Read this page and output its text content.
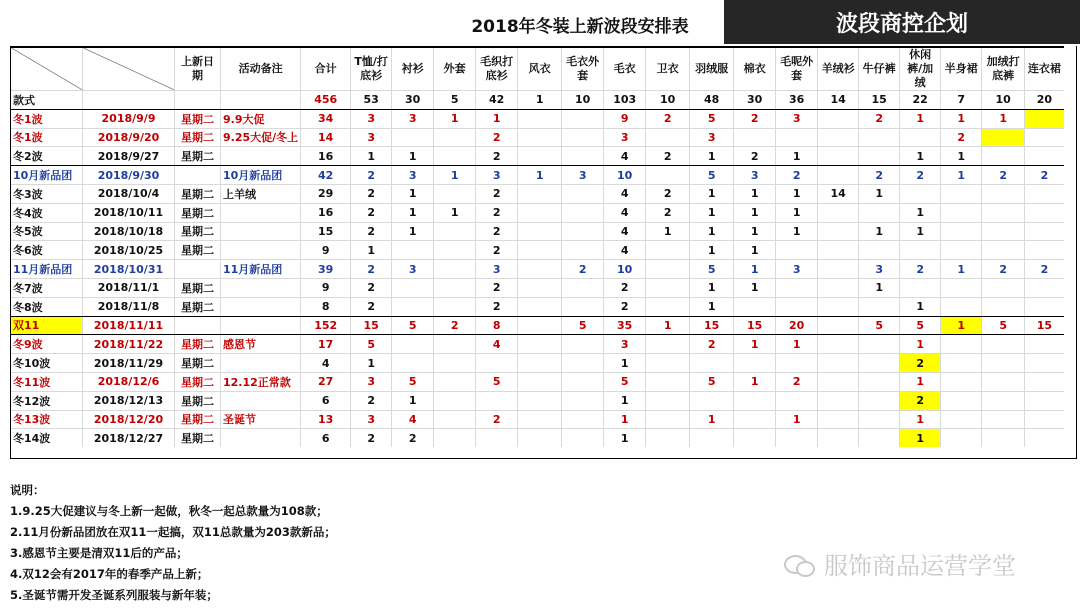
2018年冬装上新波段安排表	波段商控企划
		上新日期	活动备注	合计	T恤/打底衫	衬衫	外套	毛织打底衫	风衣	毛衣外套	毛衣	卫衣	羽绒服	棉衣	毛呢外套	羊绒衫	牛仔裤	休闲裤/加绒	半身裙	加绒打底裤	连衣裙
款式				456	53	30	5	42	1	10	103	10	48	30	36	14	15	22	7	10	20
冬1波	2018/9/9	星期二	9.9大促	34	3	3	1	1			9	2	5	2	3		2	1	1	1	
冬1波	2018/9/20	星期二	9.25大促/冬上	14	3			2			3		3						2		
冬2波	2018/9/27	星期二		16	1	1		2			4	2	1	2	1			1	1		
10月新品团	2018/9/30		10月新品团	42	2	3	1	3	1	3	10		5	3	2		2	2	1	2	2
冬3波	2018/10/4	星期二	上羊绒	29	2	1		2			4	2	1	1	1	14	1				
冬4波	2018/10/11	星期二		16	2	1	1	2			4	2	1	1	1			1			
冬5波	2018/10/18	星期二		15	2	1		2			4	1	1	1	1		1	1			
冬6波	2018/10/25	星期二		9	1			2			4		1	1							
11月新品团	2018/10/31		11月新品团	39	2	3		3		2	10		5	1	3		3	2	1	2	2
冬7波	2018/11/1	星期二		9	2			2			2		1	1			1				
冬8波	2018/11/8	星期二		8	2			2			2		1					1			
双11	2018/11/11			152	15	5	2	8		5	35	1	15	15	20		5	5	1	5	15
冬9波	2018/11/22	星期二	感恩节	17	5			4			3		2	1	1			1			
冬10波	2018/11/29	星期二		4	1						1							2			
冬11波	2018/12/6	星期二	12.12正常款	27	3	5		5			5		5	1	2			1			
冬12波	2018/12/13	星期二		6	2	1					1							2			
冬13波	2018/12/20	星期二	圣诞节	13	3	4		2			1		1		1			1			
冬14波	2018/12/27	星期二		6	2	2					1							1			
说明：
1.9.25大促建议与冬上新一起做，秋冬一起总款量为108款；
2.11月份新品团放在双11一起搞，双11总款量为203款新品；
3.感恩节主要是清双11后的产品；
4.双12会有2017年的春季产品上新；
5.圣诞节需开发圣诞系列服装与新年装；
服饰商品运营学堂
